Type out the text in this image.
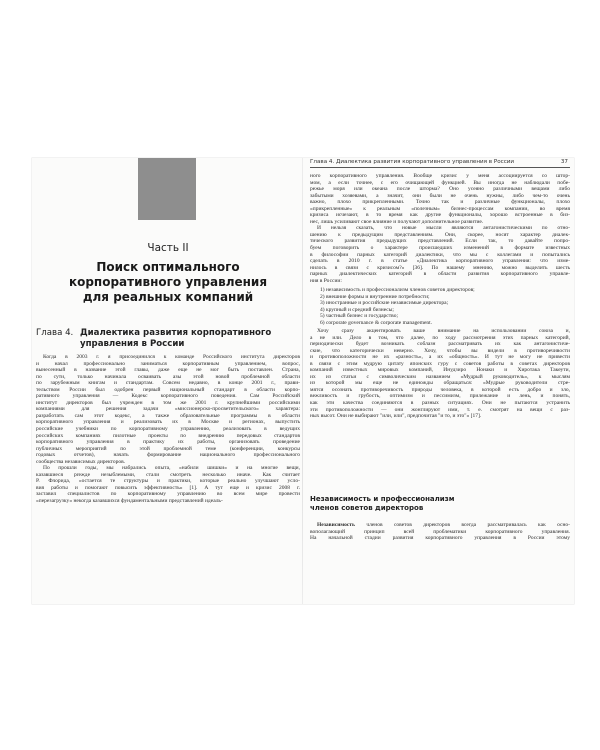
Часть II
Поиск оптимального
корпоративного управления
для реальных компаний
Глава 4. Диалектика развития корпоративного
управления в России
Когда в 2003 г. я присоединился к команде Российского института директоров
и начал профессионально заниматься корпоративным управлением, вопрос,
вынесенный в название этой главы, даже еще не мог быть поставлен. Страна,
по сути, только начинала осваивать азы этой новой проблемной области
по зарубежным книгам и стандартам. Совсем недавно, в конце 2001 г., прави-
тельством России был одобрен первый национальный стандарт в области корпо-
ративного управления — Кодекс корпоративного поведения. Сам Российский
институт директоров был учрежден в том же 2001 г. крупнейшими российскими
компаниями для решения задачи «миссионерско-просветительского» характера:
разработать сам этот кодекс, а также образовательные программы в области
корпоративного управления и реализовать их в Москве и регионах, выпустить
российские учебники по корпоративному управлению, реализовать в ведущих
российских компаниях пилотные проекты по внедрению передовых стандартов
корпоративного управления в практику их работы, организовать проведение
публичных мероприятий по этой проблемной теме (конференции, конкурсы
годовых отчетов), начать формирование национального профессионального
сообщества независимых директоров.
По прошли годы, мы набрались опыта, «набили шишки» и на многие вещи,
казавшиеся prежде незыблемыми, стали смотреть несколько иначе. Как считает
Р. Флорида, «остается те структуры и практики, которые реально улучшают усло-
вия работы и помогают повысить эффективность» [1]. А тут еще и кризис 2008 г.
заставил специалистов по корпоративному управлению во всем мире провести
«перезагрузку» некогда казавшихся фундаментальными представлений идеаль-
Глава 4. Диалектика развития корпоративного управления в России	37
ного корпоративного управления. Вообще кризис у меня ассоциируется со штор-
мом, а если точнее, с его очищающей функцией. Вы иногда не наблюдали побе-
режье моря или океана после шторма? Оно усеяно различными вещами либо
забытыми хозяевами, а значит, они были не очень нужны, либо чем-то очень
важно, плохо прикрепленными. Точно так и различные функционалы, плохо
«прикрепленные» к реальным «полезным» бизнес-процессам компании, во время
кризиса исчезают, в то время как другие функционалы, хорошо встроенные в биз-
нес, лишь усиливают свое влияние и получают дополнительное развитие.
И нельзя сказать, что новые мысли являются антагонистическими по отно-
шению к предыдущим представлениям. Они, скорее, носят характер диалек-
тического развития предыдущих представлений. Если так, то давайте попро-
буем поговорить о характере происшедших изменений в формате известных
в философии парных категорий диалектики, что мы с коллегами и попытались
сделать в 2010 г. в статье «Диалектика корпоративного управления: что изме-
нилось в связи с кризисом?» [36]. По нашему мнению, можно выделить шесть
парных диалектических категорий в области развития корпоративного управле-
ния в России:
1) независимость и профессионализм членов советов директоров;
2) внешние формы и внутренние потребности;
3) иностранные и российские независимые директора;
4) крупный и средний бизнесы;
5) частный бизнес и государство;
6) corporate governance & corporate management.
Хочу сразу акцентировать ваше внимание на использовании союза и,
а не или. Дело в том, что далее, по ходу рассмотрения этих парных категорий,
периодически будет возникать соблазн рассматривать их как антагонистиче-
ские, что категорически неверно. Хочу, чтобы вы видели в противоречивости
и противоположности не их «разность», а их «общность». И тут не могу не привести
в связи с этим мудрую цитату японских гуру с советов работы в советах директоров
компаний известных мировых компаний, Инудзиро Нонаки и Хиротака Такеути,
их из статьи с символическим названием «Мудрый руководитель», к мыслям
из которой мы еще не единожды обращаться: «Мудрые руководители стре-
мятся осознать противоречивость природы человека, в которой есть добро и зло,
вежливость и грубость, оптимизм и пессимизм, прилежание и лень, и понять,
как эти качества соединяются в разных ситуациях. Они не пытаются устранить
эти противоположности — они жонглируют ими, т. е. смотрят на вещи с раз-
ных высот. Они не выбирают "или, или", предпочитая "и то, и это"» [17].
Независимость и профессионализм
членов советов директоров
Независимость членов советов директоров всегда рассматривалась как осно-
вополагающий принцип всей проблематики корпоративного управления.
На начальной стадии развития корпоративного управления в России этому
